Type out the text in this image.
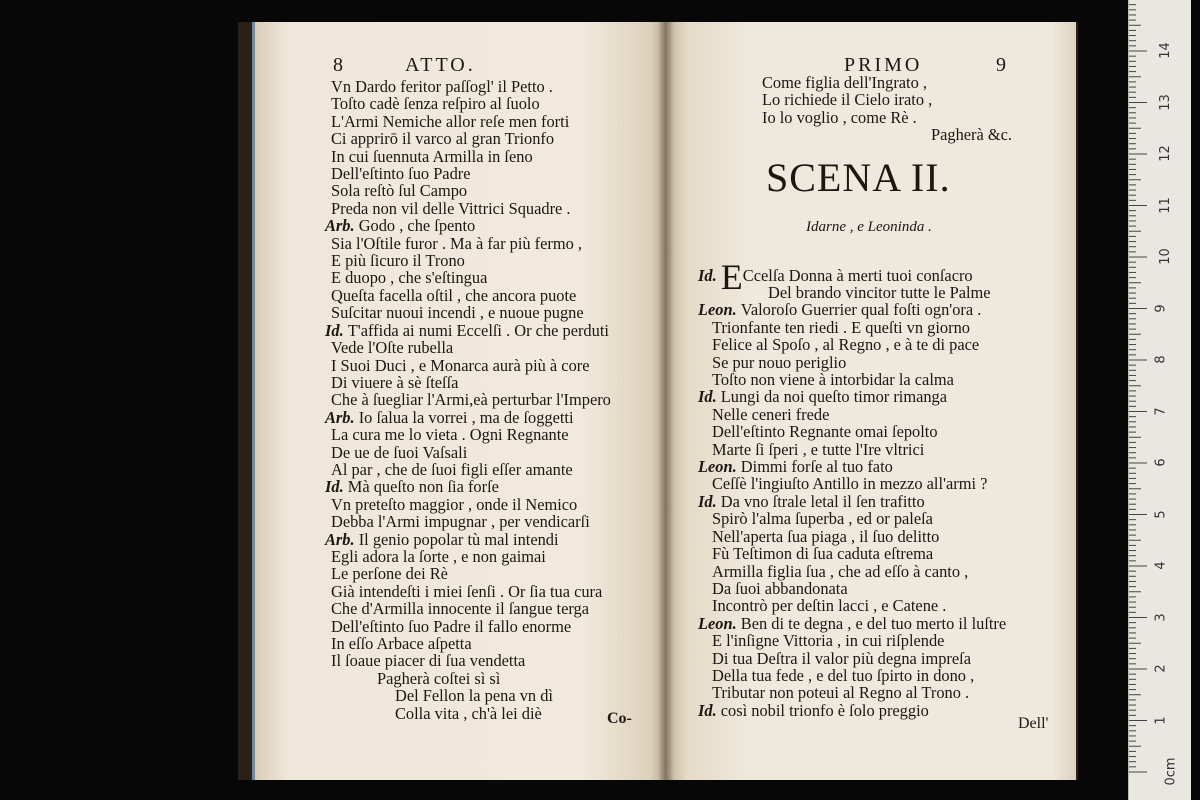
8	ATTO.
Vn Dardo feritor paſſogl' il Petto .
Toſto cadè ſenza reſpiro al ſuolo
L'Armi Nemiche allor reſe men forti
Ci apprirō il varco al gran Trionfo
In cui ſuennuta Armilla in ſeno
Dell'eſtinto ſuo Padre
Sola reſtò ſul Campo
Preda non vil delle Vittrici Squadre .
Arb. Godo , che ſpento
Sia l'Oſtile furor . Ma à far più fermo ,
E più ſicuro il Trono
E duopo , che s'eſtingua
Queſta facella oſtil , che ancora puote
Suſcitar nuoui incendi , e nuoue pugne
Id. T'affida ai numi Eccelſi . Or che perduti
Vede l'Oſte rubella
I Suoi Duci , e Monarca aurà più à core
Di viuere à sè ſteſſa
Che à ſuegliar l'Armi,eà perturbar l'Impero
Arb. Io ſalua la vorrei , ma de ſoggetti
La cura me lo vieta . Ogni Regnante
De ue de ſuoi Vaſsali
Al par , che de ſuoi figli eſſer amante
Id. Mà queſto non ſia forſe
Vn preteſto maggior , onde il Nemico
Debba l'Armi impugnar , per vendicarſi
Arb. Il genio popolar tù mal intendi
Egli adora la ſorte , e non gaimai
Le perſone dei Rè
Già intendeſti i miei ſenſi . Or ſia tua cura
Che d'Armilla innocente il ſangue terga
Dell'eſtinto ſuo Padre il fallo enorme
In eſſo Arbace aſpetta
Il ſoaue piacer di ſua vendetta
Pagherà coſtei sì sì
Del Fellon la pena vn dì
Colla vita , ch'à lei diè	Co-
PRIMO	9
Come figlia dell'Ingrato ,
Lo richiede il Cielo irato ,
Io lo voglio , come Rè .
Pagherà &c.
SCENA II.
Idarne , e Leoninda .
Id. ECcelſa Donna à merti tuoi conſacro
Del brando vincitor tutte le Palme
Leon. Valoroſo Guerrier qual foſti ogn'ora .
Trionfante ten riedi . E queſti vn giorno
Felice al Spoſo , al Regno , e à te di pace
Se pur nouo periglio
Toſto non viene à intorbidar la calma
Id. Lungi da noi queſto timor rimanga
Nelle ceneri frede
Dell'eſtinto Regnante omai ſepolto
Marte ſi ſperi , e tutte l'Ire vltrici
Leon. Dimmi forſe al tuo fato
Ceſſè l'ingiuſto Antillo in mezzo all'armi ?
Id. Da vno ſtrale letal il ſen trafitto
Spirò l'alma ſuperba , ed or paleſa
Nell'aperta ſua piaga , il ſuo delitto
Fù Teſtimon di ſua caduta eſtrema
Armilla figlia ſua , che ad eſſo à canto ,
Da ſuoi abbandonata
Incontrò per deſtin lacci , e Catene .
Leon. Ben di te degna , e del tuo merto il luſtre
E l'inſigne Vittoria , in cui riſplende
Di tua Deſtra il valor più degna impreſa
Della tua fede , e del tuo ſpirto in dono ,
Tributar non poteui al Regno al Trono .
Id. così nobil trionfo è ſolo preggio
Dell'
0cm
1
2
3
4
5
6
7
8
9
10
11
12
13
14
